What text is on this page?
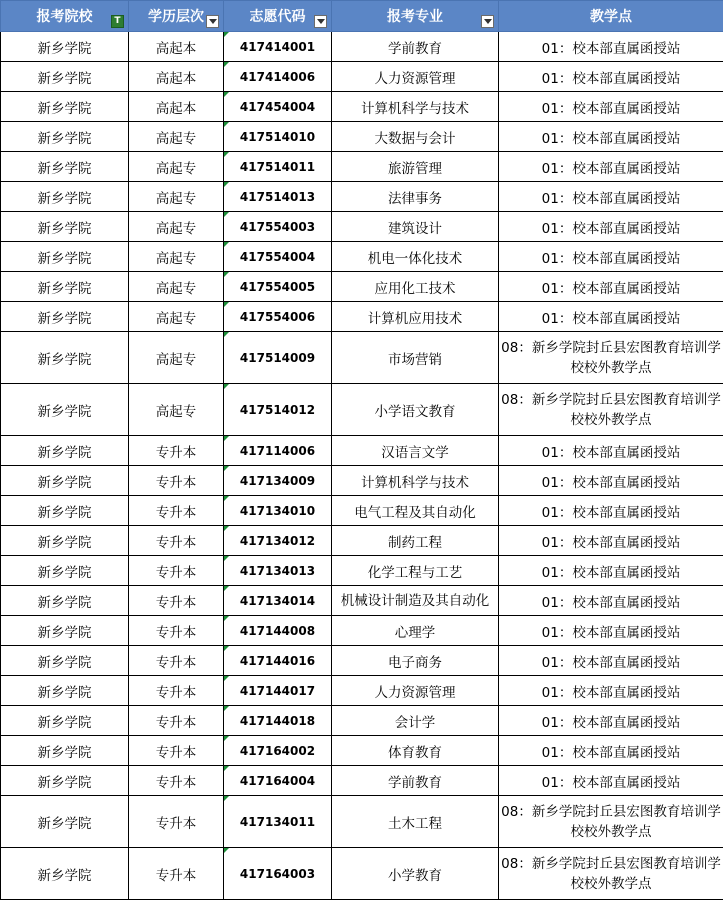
报考院校 T	学历层次	志愿代码	报考专业	教学点
新乡学院	高起本	417414001	学前教育	01：校本部直属函授站
新乡学院	高起本	417414006	人力资源管理	01：校本部直属函授站
新乡学院	高起本	417454004	计算机科学与技术	01：校本部直属函授站
新乡学院	高起专	417514010	大数据与会计	01：校本部直属函授站
新乡学院	高起专	417514011	旅游管理	01：校本部直属函授站
新乡学院	高起专	417514013	法律事务	01：校本部直属函授站
新乡学院	高起专	417554003	建筑设计	01：校本部直属函授站
新乡学院	高起专	417554004	机电一体化技术	01：校本部直属函授站
新乡学院	高起专	417554005	应用化工技术	01：校本部直属函授站
新乡学院	高起专	417554006	计算机应用技术	01：校本部直属函授站
新乡学院	高起专	417514009	市场营销	08：新乡学院封丘县宏图教育培训学校校外教学点
新乡学院	高起专	417514012	小学语文教育	08：新乡学院封丘县宏图教育培训学校校外教学点
新乡学院	专升本	417114006	汉语言文学	01：校本部直属函授站
新乡学院	专升本	417134009	计算机科学与技术	01：校本部直属函授站
新乡学院	专升本	417134010	电气工程及其自动化	01：校本部直属函授站
新乡学院	专升本	417134012	制药工程	01：校本部直属函授站
新乡学院	专升本	417134013	化学工程与工艺	01：校本部直属函授站
新乡学院	专升本	417134014	机械设计制造及其自动化	01：校本部直属函授站
新乡学院	专升本	417144008	心理学	01：校本部直属函授站
新乡学院	专升本	417144016	电子商务	01：校本部直属函授站
新乡学院	专升本	417144017	人力资源管理	01：校本部直属函授站
新乡学院	专升本	417144018	会计学	01：校本部直属函授站
新乡学院	专升本	417164002	体育教育	01：校本部直属函授站
新乡学院	专升本	417164004	学前教育	01：校本部直属函授站
新乡学院	专升本	417134011	土木工程	08：新乡学院封丘县宏图教育培训学校校外教学点
新乡学院	专升本	417164003	小学教育	08：新乡学院封丘县宏图教育培训学校校外教学点
